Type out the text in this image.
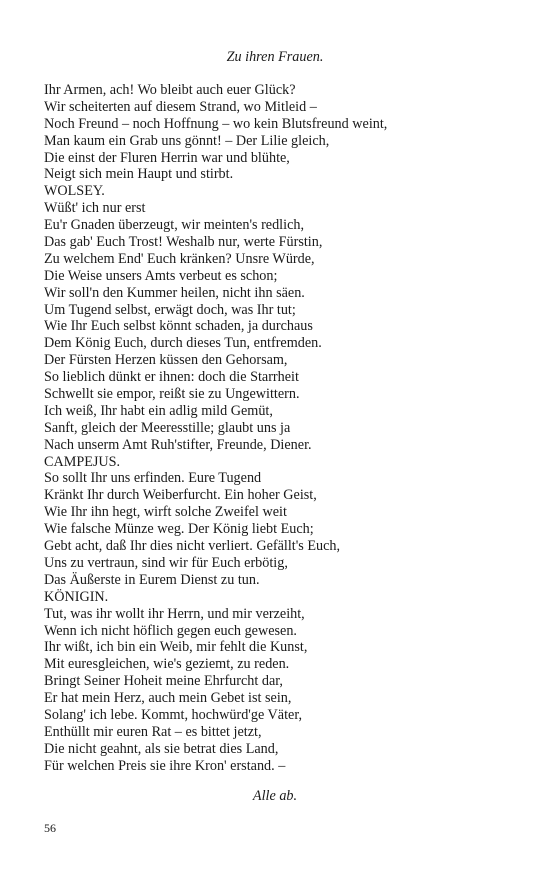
Zu ihren Frauen.

Ihr Armen, ach! Wo bleibt auch euer Glück?
Wir scheiterten auf diesem Strand, wo Mitleid –
Noch Freund – noch Hoffnung – wo kein Blutsfreund weint,
Man kaum ein Grab uns gönnt! – Der Lilie gleich,
Die einst der Fluren Herrin war und blühte,
Neigt sich mein Haupt und stirbt.
WOLSEY.
Wüßt' ich nur erst
Eu'r Gnaden überzeugt, wir meinten's redlich,
Das gab' Euch Trost! Weshalb nur, werte Fürstin,
Zu welchem End' Euch kränken? Unsre Würde,
Die Weise unsers Amts verbeut es schon;
Wir soll'n den Kummer heilen, nicht ihn säen.
Um Tugend selbst, erwägt doch, was Ihr tut;
Wie Ihr Euch selbst könnt schaden, ja durchaus
Dem König Euch, durch dieses Tun, entfremden.
Der Fürsten Herzen küssen den Gehorsam,
So lieblich dünkt er ihnen: doch die Starrheit
Schwellt sie empor, reißt sie zu Ungewittern.
Ich weiß, Ihr habt ein adlig mild Gemüt,
Sanft, gleich der Meeresstille; glaubt uns ja
Nach unserm Amt Ruh'stifter, Freunde, Diener.
CAMPEJUS.
So sollt Ihr uns erfinden. Eure Tugend
Kränkt Ihr durch Weiberfurcht. Ein hoher Geist,
Wie Ihr ihn hegt, wirft solche Zweifel weit
Wie falsche Münze weg. Der König liebt Euch;
Gebt acht, daß Ihr dies nicht verliert. Gefällt's Euch,
Uns zu vertraun, sind wir für Euch erbötig,
Das Äußerste in Eurem Dienst zu tun.
KÖNIGIN.
Tut, was ihr wollt ihr Herrn, und mir verzeiht,
Wenn ich nicht höflich gegen euch gewesen.
Ihr wißt, ich bin ein Weib, mir fehlt die Kunst,
Mit euresgleichen, wie's geziemt, zu reden.
Bringt Seiner Hoheit meine Ehrfurcht dar,
Er hat mein Herz, auch mein Gebet ist sein,
Solang' ich lebe. Kommt, hochwürd'ge Väter,
Enthüllt mir euren Rat – es bittet jetzt,
Die nicht geahnt, als sie betrat dies Land,
Für welchen Preis sie ihre Kron' erstand. –

Alle ab.

56
